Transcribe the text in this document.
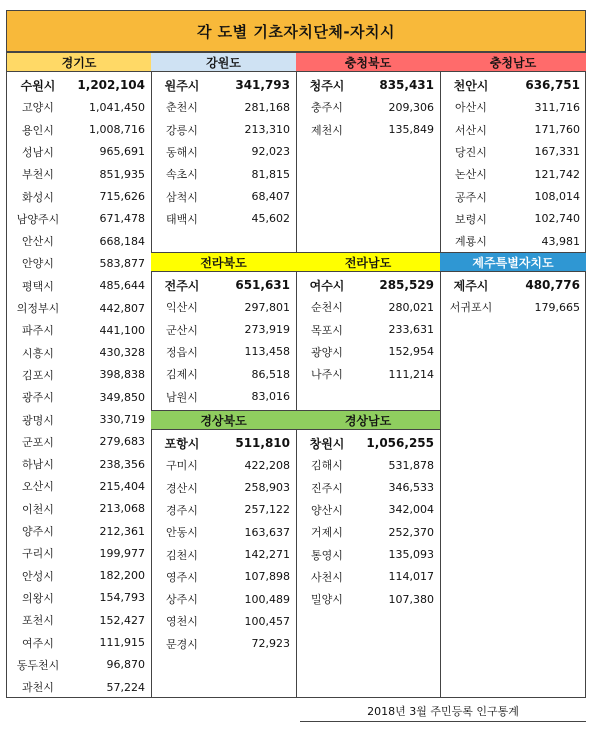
각 도별 기초자치단체-자치시
경기도
수원시	1,202,104
고양시	1,041,450
용인시	1,008,716
성남시	965,691
부천시	851,935
화성시	715,626
남양주시	671,478
안산시	668,184
안양시	583,877
평택시	485,644
의정부시	442,807
파주시	441,100
시흥시	430,328
김포시	398,838
광주시	349,850
광명시	330,719
군포시	279,683
하남시	238,356
오산시	215,404
이천시	213,068
양주시	212,361
구리시	199,977
안성시	182,200
의왕시	154,793
포천시	152,427
여주시	111,915
동두천시	96,870
과천시	57,224
강원도
원주시	341,793
춘천시	281,168
강릉시	213,310
동해시	92,023
속초시	81,815
삼척시	68,407
태백시	45,602
충청북도
청주시	835,431
충주시	209,306
제천시	135,849
충청남도
천안시	636,751
아산시	311,716
서산시	171,760
당진시	167,331
논산시	121,742
공주시	108,014
보령시	102,740
계룡시	43,981
전라북도
전주시	651,631
익산시	297,801
군산시	273,919
정읍시	113,458
김제시	86,518
남원시	83,016
전라남도
여수시	285,529
순천시	280,021
목포시	233,631
광양시	152,954
나주시	111,214
제주특별자치도
제주시	480,776
서귀포시	179,665
경상북도
포항시	511,810
구미시	422,208
경산시	258,903
경주시	257,122
안동시	163,637
김천시	142,271
영주시	107,898
상주시	100,489
영천시	100,457
문경시	72,923
경상남도
창원시	1,056,255
김해시	531,878
진주시	346,533
양산시	342,004
거제시	252,370
통영시	135,093
사천시	114,017
밀양시	107,380
2018년 3월 주민등록 인구통계
